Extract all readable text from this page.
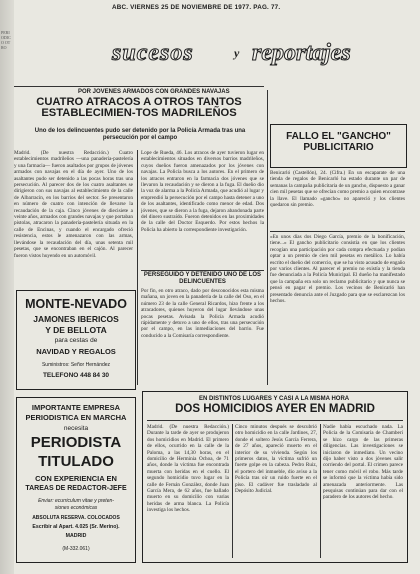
PERIODICO OTRO
ABC. VIERNES 25 DE NOVIEMBRE DE 1977. PAG. 77.
sucesos	y reportajes
POR JOVENES ARMADOS CON GRANDES NAVAJAS
CUATRO ATRACOS A OTROS TANTOS ESTABLECIMIEN-TOS MADRILEÑOS
Uno de los delincuentes pudo ser detenido por la Policía Armada tras una persecución por el campo
Madrid. (De nuestra Redacción.) Cuatro establecimientos madrileños —una panadería-pastelería y una farmacia— fueron asaltados por grupos de jóvenes armados con navajas en el día de ayer. Uno de los asaltantes pudo ser detenido a las pocas horas tras una persecución. Al parecer dos de los cuatro asaltantes se dirigieron con sus navajas al establecimiento de la calle de Albarracín, en los barrios del sector. Se presentaron en número de cuatro con intención de llevarse la recaudación de la caja. Cinco jóvenes de diecisiete a veinte años, armados con grandes navajas y que portaban pistolas, atracaron la panadería-pastelería situada en la calle de Encinas, y cuando el encargado ofreció resistencia, estos le amenazaron con las armas, llevándose la recaudación del día, unas setenta mil pesetas, que se encontraban en el cajón. Al parecer fueron vistos huyendo en un automóvil.
Lope de Rueda, 46. Los atracos de ayer tuvieron lugar en establecimientos situados en diversos barrios madrileños, cuyos dueños fueron amenazados por los jóvenes con navajas. La Policía busca a los autores. En el primero de los atracos entraron en la farmacia dos jóvenes que se llevaron la recaudación y se dieron a la fuga. El dueño dio la voz de alarma a la Policía Armada, que acudió al lugar y emprendió la persecución por el campo hasta detener a uno de los asaltantes, identificado como menor de edad. Dos jóvenes, que se dieron a la fuga, dejaron abandonada parte del dinero sustraído. Fueron detenidos en las proximidades de la calle del Doctor Esquerdo. Por estos hechos la Policía ha abierto la correspondiente investigación.
PERSEGUIDO Y DETENIDO UNO DE LOS DELINCUENTES
Por fin, en otro atraco, dado por desconocidos esta misma mañana, un joven en la panadería de la calle del Oso, en el número 23 de la calle General Ricardos, hizo frente a los atracadores, quienes huyeron del lugar llevándose unas pocas pesetas. Avisada la Policía Armada acudió rápidamente y detuvo a uno de ellos, tras una persecución por el campo, en las inmediaciones del barrio. Fue conducido a la Comisaría correspondiente.
FALLO EL "GANCHO" PUBLICITARIO
Benicarló (Castellón), 24. (Cifra.) En un escaparate de una tienda de regalos de Benicarló ha estado durante un par de semanas la campaña publicitaria de un gancho, dispuesto a ganar cien mil pesetas que se ofrecían como premio a quien encontrase la llave. El llamado «gancho» no apareció y los clientes quedaron sin premio.
«En unos días dos Diego García, premio de la bonificación, tiene...» El gancho publicitario consistía en que los clientes recogían una participación por cada compra efectuada y podían optar a un premio de cien mil pesetas en metálico. Lo había escrito el dueño del comercio, que se ha visto acusado de engaño por varios clientes. Al parecer el premio no existía y la tienda fue denunciada a la Policía Municipal. El dueño ha manifestado que la campaña era solo un reclamo publicitario y que nunca se pensó en pagar el premio. Los vecinos de Benicarló han presentado denuncia ante el Juzgado para que se esclarezcan los hechos.
MONTE-NEVADO
JAMONES IBERICOS
Y DE BELLOTA
para cestas de
NAVIDAD Y REGALOS
Suministros: Señor Hernández
TELEFONO 448 84 30
IMPORTANTE EMPRESA
PERIODISTICA EN MARCHA
necesita
PERIODISTA
TITULADO
CON EXPERIENCIA EN
TAREAS DE REDACTOR-JEFE
Enviar: ecurriculum vitae y preten-
siones económicas
ABSOLUTA RESERVA. COLOCADOS
Escribir al Apart. 4.025 (Sr. Merino).
MADRID
(M-332.061)
EN DISTINTOS LUGARES Y CASI A LA MISMA HORA
DOS HOMICIDIOS AYER EN MADRID
Madrid. (De nuestra Redacción.) Durante la tarde de ayer se produjeron dos homicidios en Madrid. El primero de ellos, ocurrido en la calle de la Paloma, a las 14,30 horas, en el domicilio de Herminia Ochoa, de 71 años, donde la víctima fue encontrada muerta con heridas en el cuello. El segundo homicidio tuvo lugar en la calle de Fernán González, donde Juan García Mera, de 62 años, fue hallado muerto en su domicilio con varias heridas de arma blanca. La Policía investiga los hechos.
Cinco minutos después se descubrió otro homicidio en la calle Jardines, 27, donde el soltero Jesús García Ferrera, de 27 años, apareció muerto en el interior de su vivienda. Según los primeros datos, la víctima sufrió un fuerte golpe en la cabeza. Pedro Ruiz, el portero del inmueble, dio aviso a la Policía tras oír un ruido fuerte en el piso. El cadáver fue trasladado al Depósito Judicial.
Nadie había escuchado nada. La Policía de la Comisaría de Chamberí se hizo cargo de las primeras diligencias. Las investigaciones se iniciaron de inmediato. Un vecino dijo haber visto a dos jóvenes salir corriendo del portal. El crimen parece tener como móvil el robo. Más tarde se informó que la víctima había sido amenazada anteriormente. Las pesquisas continúan para dar con el paradero de los autores del hecho.
